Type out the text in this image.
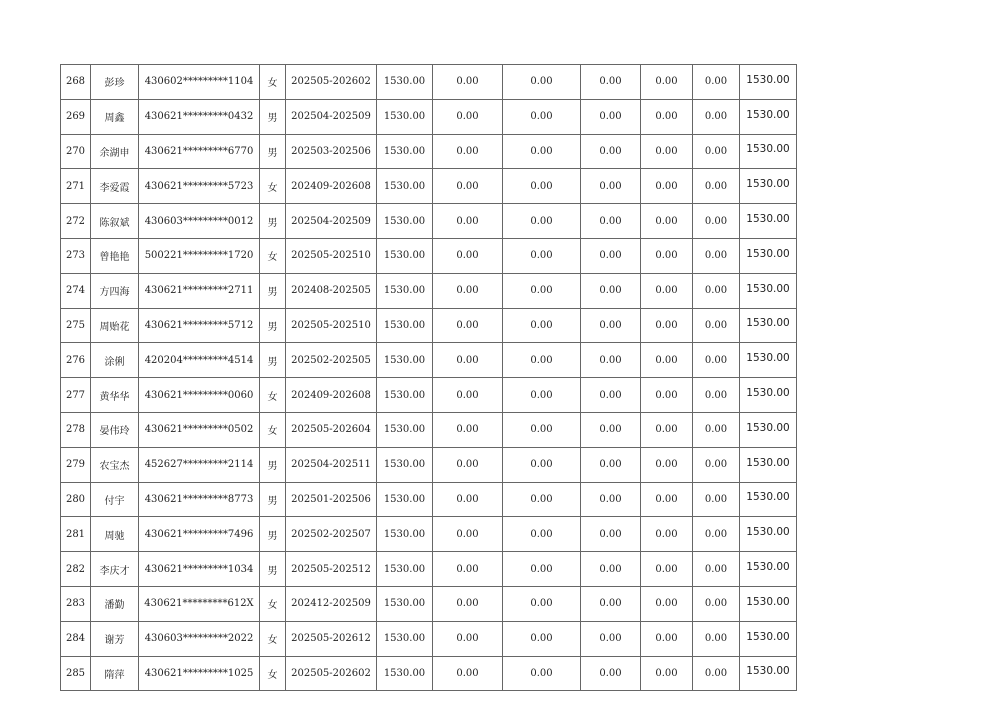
268	彭珍	430602*********1104	女	202505-202602	1530.00	0.00	0.00	0.00	0.00	0.00	1530.00
269	周鑫	430621*********0432	男	202504-202509	1530.00	0.00	0.00	0.00	0.00	0.00	1530.00
270	余湖申	430621*********6770	男	202503-202506	1530.00	0.00	0.00	0.00	0.00	0.00	1530.00
271	李爱霞	430621*********5723	女	202409-202608	1530.00	0.00	0.00	0.00	0.00	0.00	1530.00
272	陈叙斌	430603*********0012	男	202504-202509	1530.00	0.00	0.00	0.00	0.00	0.00	1530.00
273	曾艳艳	500221*********1720	女	202505-202510	1530.00	0.00	0.00	0.00	0.00	0.00	1530.00
274	方四海	430621*********2711	男	202408-202505	1530.00	0.00	0.00	0.00	0.00	0.00	1530.00
275	周贻花	430621*********5712	男	202505-202510	1530.00	0.00	0.00	0.00	0.00	0.00	1530.00
276	涂俐	420204*********4514	男	202502-202505	1530.00	0.00	0.00	0.00	0.00	0.00	1530.00
277	黄华华	430621*********0060	女	202409-202608	1530.00	0.00	0.00	0.00	0.00	0.00	1530.00
278	晏伟玲	430621*********0502	女	202505-202604	1530.00	0.00	0.00	0.00	0.00	0.00	1530.00
279	农宝杰	452627*********2114	男	202504-202511	1530.00	0.00	0.00	0.00	0.00	0.00	1530.00
280	付宇	430621*********8773	男	202501-202506	1530.00	0.00	0.00	0.00	0.00	0.00	1530.00
281	周驰	430621*********7496	男	202502-202507	1530.00	0.00	0.00	0.00	0.00	0.00	1530.00
282	李庆才	430621*********1034	男	202505-202512	1530.00	0.00	0.00	0.00	0.00	0.00	1530.00
283	潘勤	430621*********612X	女	202412-202509	1530.00	0.00	0.00	0.00	0.00	0.00	1530.00
284	谢芳	430603*********2022	女	202505-202612	1530.00	0.00	0.00	0.00	0.00	0.00	1530.00
285	隋萍	430621*********1025	女	202505-202602	1530.00	0.00	0.00	0.00	0.00	0.00	1530.00
